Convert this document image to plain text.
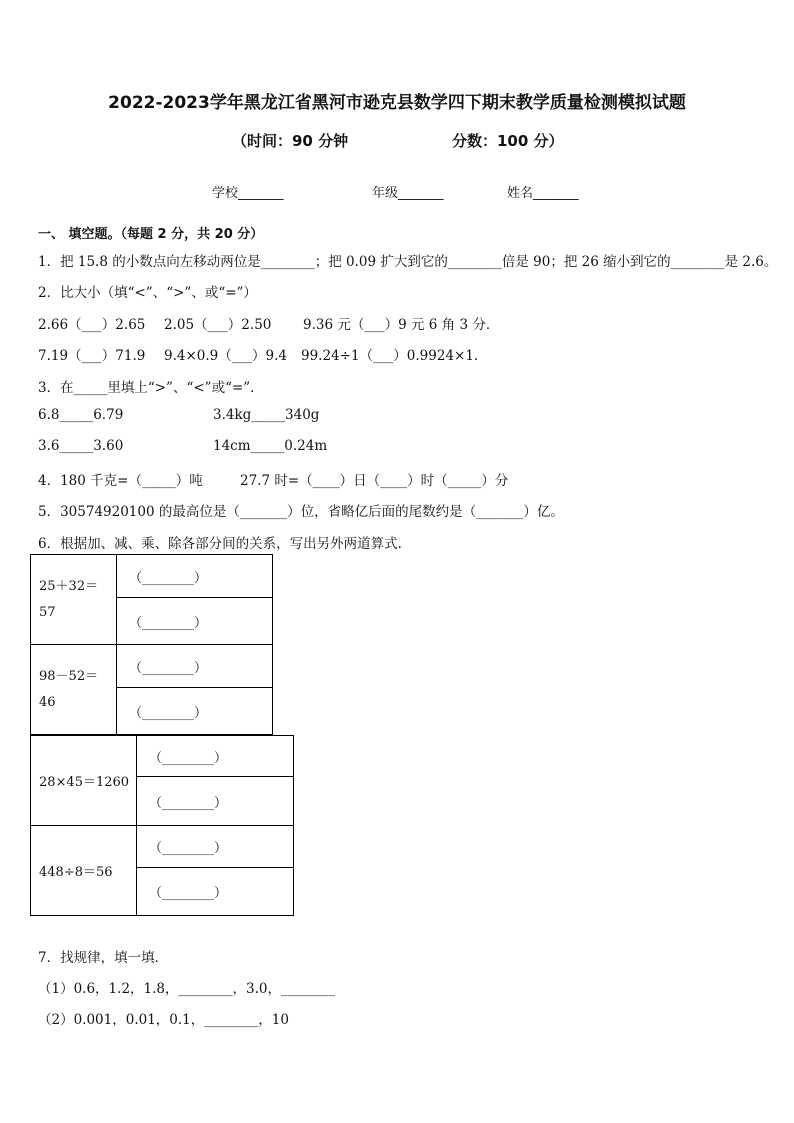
2022-2023学年黑龙江省黑河市逊克县数学四下期末教学质量检测模拟试题
（时间：90 分钟	分数：100 分）
学校_______	年级_______	姓名_______
一、 填空题。（每题 2 分，共 20 分）
1．把 15.8 的小数点向左移动两位是________；把 0.09 扩大到它的________倍是 90；把 26 缩小到它的________是 2.6。
2．比大小（填“<”、“>”、或“=”）
2.66（___）2.65 2.05（___）2.50 9.36 元（___）9 元 6 角 3 分．
7.19（___）71.9 9.4×0.9（___）9.4 99.24÷1（___）0.9924×1．
3．在_____里填上“>”、“<”或“=”．
6.8_____6.79	3.4kg_____340g
3.6_____3.60	14cm_____0.24m
4．180 千克=（_____）吨	27.7 时=（____）日（____）时（_____）分
5．30574920100 的最高位是（_______）位，省略亿后面的尾数约是（_______）亿。
6．根据加、减、乘、除各部分间的关系，写出另外两道算式．
25＋32＝
57	（________）
	（________）

98－52＝
46	（________）
	（________）
28×45＝1260	（________）
	（________）
448÷8＝56	（________）
	（________）
7．找规律，填一填．
（1）0.6，1.2，1.8，________，3.0，________
（2）0.001，0.01，0.1，________，10
